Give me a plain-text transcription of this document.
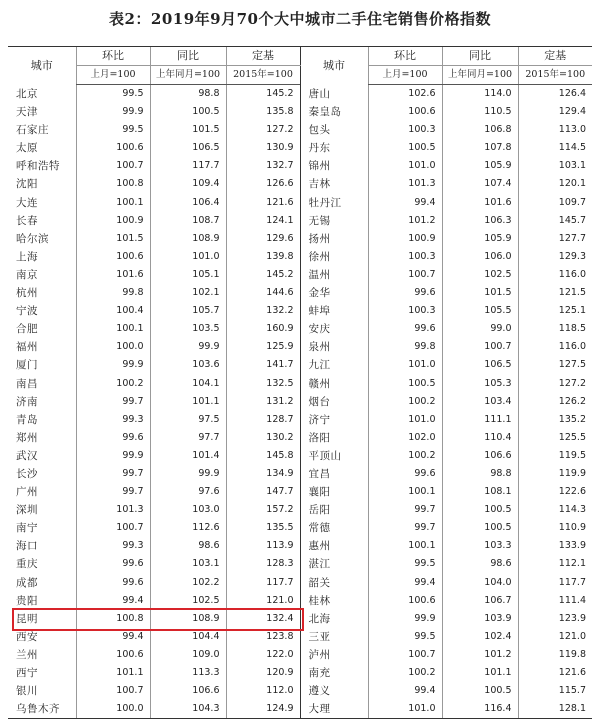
表2：2019年9月70个大中城市二手住宅销售价格指数
城市	环比	同比	定基	城市	环比	同比	定基
	上月=100	上年同月=100	2015年=100		上月=100	上年同月=100	2015年=100
北京	99.5	98.8	145.2	唐山	102.6	114.0	126.4
天津	99.9	100.5	135.8	秦皇岛	100.6	110.5	129.4
石家庄	99.5	101.5	127.2	包头	100.3	106.8	113.0
太原	100.6	106.5	130.9	丹东	100.5	107.8	114.5
呼和浩特	100.7	117.7	132.7	锦州	101.0	105.9	103.1
沈阳	100.8	109.4	126.6	吉林	101.3	107.4	120.1
大连	100.1	106.4	121.6	牡丹江	99.4	101.6	109.7
长春	100.9	108.7	124.1	无锡	101.2	106.3	145.7
哈尔滨	101.5	108.9	129.6	扬州	100.9	105.9	127.7
上海	100.6	101.0	139.8	徐州	100.3	106.0	129.3
南京	101.6	105.1	145.2	温州	100.7	102.5	116.0
杭州	99.8	102.1	144.6	金华	99.6	101.5	121.5
宁波	100.4	105.7	132.2	蚌埠	100.3	105.5	125.1
合肥	100.1	103.5	160.9	安庆	99.6	99.0	118.5
福州	100.0	99.9	125.9	泉州	99.8	100.7	116.0
厦门	99.9	103.6	141.7	九江	101.0	106.5	127.5
南昌	100.2	104.1	132.5	赣州	100.5	105.3	127.2
济南	99.7	101.1	131.2	烟台	100.2	103.4	126.2
青岛	99.3	97.5	128.7	济宁	101.0	111.1	135.2
郑州	99.6	97.7	130.2	洛阳	102.0	110.4	125.5
武汉	99.9	101.4	145.8	平顶山	100.2	106.6	119.5
长沙	99.7	99.9	134.9	宜昌	99.6	98.8	119.9
广州	99.7	97.6	147.7	襄阳	100.1	108.1	122.6
深圳	101.3	103.0	157.2	岳阳	99.7	100.5	114.3
南宁	100.7	112.6	135.5	常德	99.7	100.5	110.9
海口	99.3	98.6	113.9	惠州	100.1	103.3	133.9
重庆	99.6	103.1	128.3	湛江	99.5	98.6	112.1
成都	99.6	102.2	117.7	韶关	99.4	104.0	117.7
贵阳	99.4	102.5	121.0	桂林	100.6	106.7	111.4
昆明	100.8	108.9	132.4	北海	99.9	103.9	123.9
西安	99.4	104.4	123.8	三亚	99.5	102.4	121.0
兰州	100.6	109.0	122.0	泸州	100.7	101.2	119.8
西宁	101.1	113.3	120.9	南充	100.2	101.1	121.6
银川	100.7	106.6	112.0	遵义	99.4	100.5	115.7
乌鲁木齐	100.0	104.3	124.9	大理	101.0	116.4	128.1
